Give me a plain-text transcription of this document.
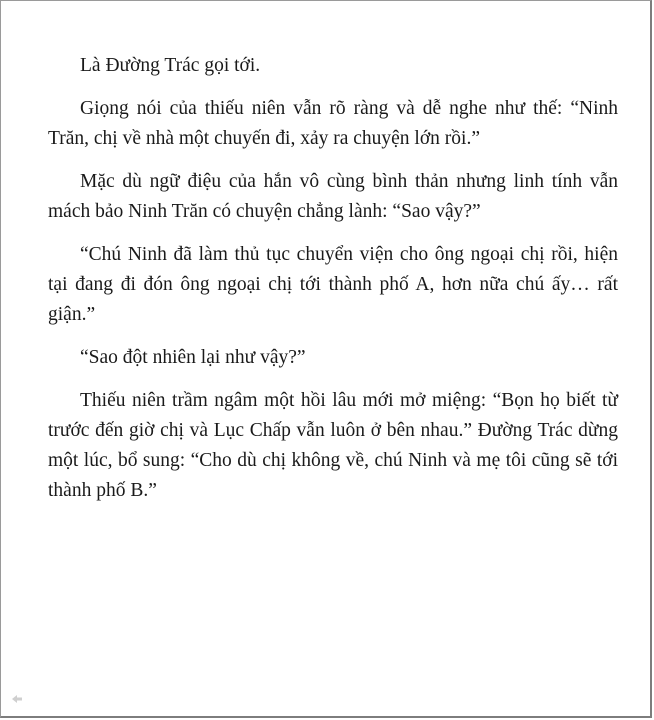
Là Đường Trác gọi tới.

Giọng nói của thiếu niên vẫn rõ ràng và dễ nghe như thế: “Ninh Trăn, chị về nhà một chuyến đi, xảy ra chuyện lớn rồi.”

Mặc dù ngữ điệu của hắn vô cùng bình thản nhưng linh tính vẫn mách bảo Ninh Trăn có chuyện chẳng lành: “Sao vậy?”

“Chú Ninh đã làm thủ tục chuyển viện cho ông ngoại chị rồi, hiện tại đang đi đón ông ngoại chị tới thành phố A, hơn nữa chú ấy… rất giận.”

“Sao đột nhiên lại như vậy?”

Thiếu niên trầm ngâm một hồi lâu mới mở miệng: “Bọn họ biết từ trước đến giờ chị và Lục Chấp vẫn luôn ở bên nhau.” Đường Trác dừng một lúc, bổ sung: “Cho dù chị không về, chú Ninh và mẹ tôi cũng sẽ tới thành phố B.”
